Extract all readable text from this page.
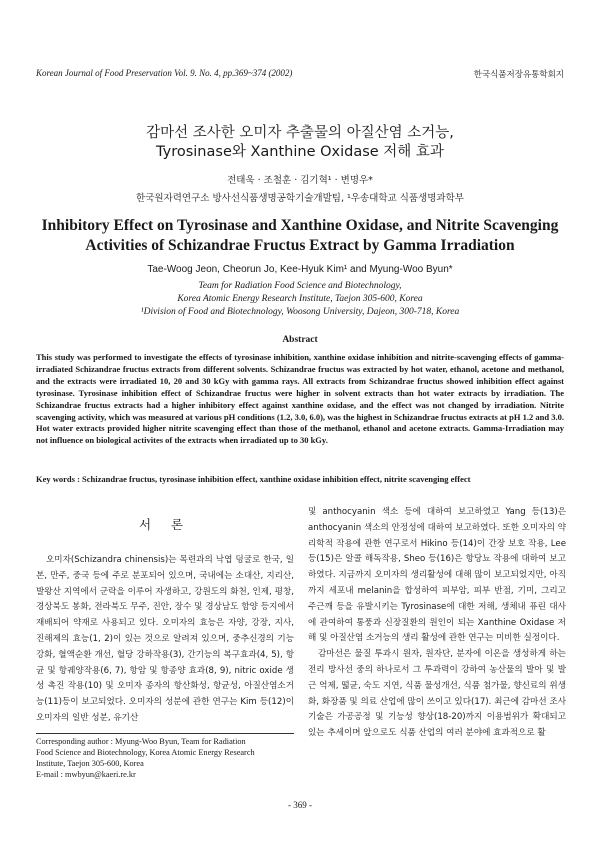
Korean Journal of Food Preservation Vol. 9. No. 4, pp.369~374 (2002)	한국식품저장유통학회지
감마선 조사한 오미자 추출물의 아질산염 소거능,
Tyrosinase와 Xanthine Oxidase 저해 효과
전태욱 · 조철훈 · 김기혁¹ · 변명우*
한국원자력연구소 방사선식품생명공학기술개발팀, ¹우송대학교 식품생명과학부
Inhibitory Effect on Tyrosinase and Xanthine Oxidase, and Nitrite Scavenging
Activities of Schizandrae Fructus Extract by Gamma Irradiation
Tae-Woog Jeon, Cheorun Jo, Kee-Hyuk Kim¹ and Myung-Woo Byun*
Team for Radiation Food Science and Biotechnology,
Korea Atomic Energy Research Institute, Taejon 305-600, Korea
¹Division of Food and Biotechnology, Woosong University, Dajeon, 300-718, Korea
Abstract
This study was performed to investigate the effects of tyrosinase inhibition, xanthine oxidase inhibition and nitrite-scavenging effects of gamma-irradiated Schizandrae fructus extracts from different solvents. Schizandrae fructus was extracted by hot water, ethanol, acetone and methanol, and the extracts were irradiated 10, 20 and 30 kGy with gamma rays. All extracts from Schizandrae fructus showed inhibition effect against tyrosinase. Tyrosinase inhibition effect of Schizandrae fructus were higher in solvent extracts than hot water extracts by irradiation. The Schizandrae fructus extracts had a higher inhibitory effect against xanthine oxidase, and the effect was not changed by irradiation. Nitrite scavenging activity, which was measured at various pH conditions (1.2, 3.0, 6.0), was the highest in Schizandrae fructus extracts at pH 1.2 and 3.0. Hot water extracts provided higher nitrite scavenging effect than those of the methanol, ethanol and acetone extracts. Gamma-Irradiation may not influence on biological activites of the extracts when irradiated up to 30 kGy.
Key words : Schizandrae fructus, tyrosinase inhibition effect, xanthine oxidase inhibition effect, nitrite scavenging effect
서 론

오미자(Schizandra chinensis)는 목련과의 낙엽 덩굴로 한국, 일본, 만주, 중국 등에 주로 분포되어 있으며, 국내에는 소대산, 지리산, 발왕산 지역에서 군락을 이루어 자생하고, 강원도의 화천, 인제, 평창, 경상북도 봉화, 전라북도 무주, 진안, 장수 및 경상남도 함양 등지에서 재배되어 약재로 사용되고 있다. 오미자의 효능은 자양, 강장, 지사, 진해제의 효능(1, 2)이 있는 것으로 알려져 있으며, 중추신경의 기능 강화, 혈액순환 개선, 혈당 강하작용(3), 간기능의 복구효과(4, 5), 항균 및 항궤양작용(6, 7), 항암 및 항종양 효과(8, 9), nitric oxide 생성 촉진 작용(10) 및 오미자 종자의 항산화성, 항균성, 아질산염소거능(11)등이 보고되었다. 오미자의 성분에 관한 연구는 Kim 등(12)이 오미자의 일반 성분, 유기산

Corresponding author : Myung-Woo Byun, Team for Radiation
Food Science and Biotechnology, Korea Atomic Energy Research
Institute, Taejon 305-600, Korea
E-mail : mwbyun@kaeri.re.kr

및 anthocyanin 색소 등에 대하여 보고하였고 Yang 등(13)은 anthocyanin 색소의 안정성에 대하여 보고하였다. 또한 오미자의 약리학적 작용에 관한 연구로서 Hikino 등(14)이 간장 보호 작용, Lee 등(15)은 알콜 해독작용, Sheo 등(16)은 항당뇨 작용에 대하여 보고하였다. 지금까지 오미자의 생리활성에 대해 많이 보고되었지만, 아직까지 세포내 melanin을 합성하여 피부암, 피부 반점, 기미, 그리고 주근깨 등을 유발시키는 Tyrosinase에 대한 저해, 생체내 퓨린 대사에 관여하여 통풍과 신장질환의 원인이 되는 Xanthine Oxidase 저해 및 아질산염 소거능의 생리 활성에 관한 연구는 미비한 실정이다.

감마선은 물질 투과시 원자, 원자단, 분자에 이온을 생성하게 하는 전리 방사선 중의 하나로서 그 투과력이 강하여 농산물의 발아 및 발근 억제, 떫균, 숙도 지연, 식품 물성개선, 식품 첨가물, 향신료의 위생화, 화장품 및 의료 산업에 많이 쓰이고 있다(17). 최근에 감마선 조사기술은 가공공정 및 기능성 향상(18-20)까지 이용범위가 확대되고 있는 추세이며 앞으로도 식품 산업의 여러 분야에 효과적으로 활

- 369 -
